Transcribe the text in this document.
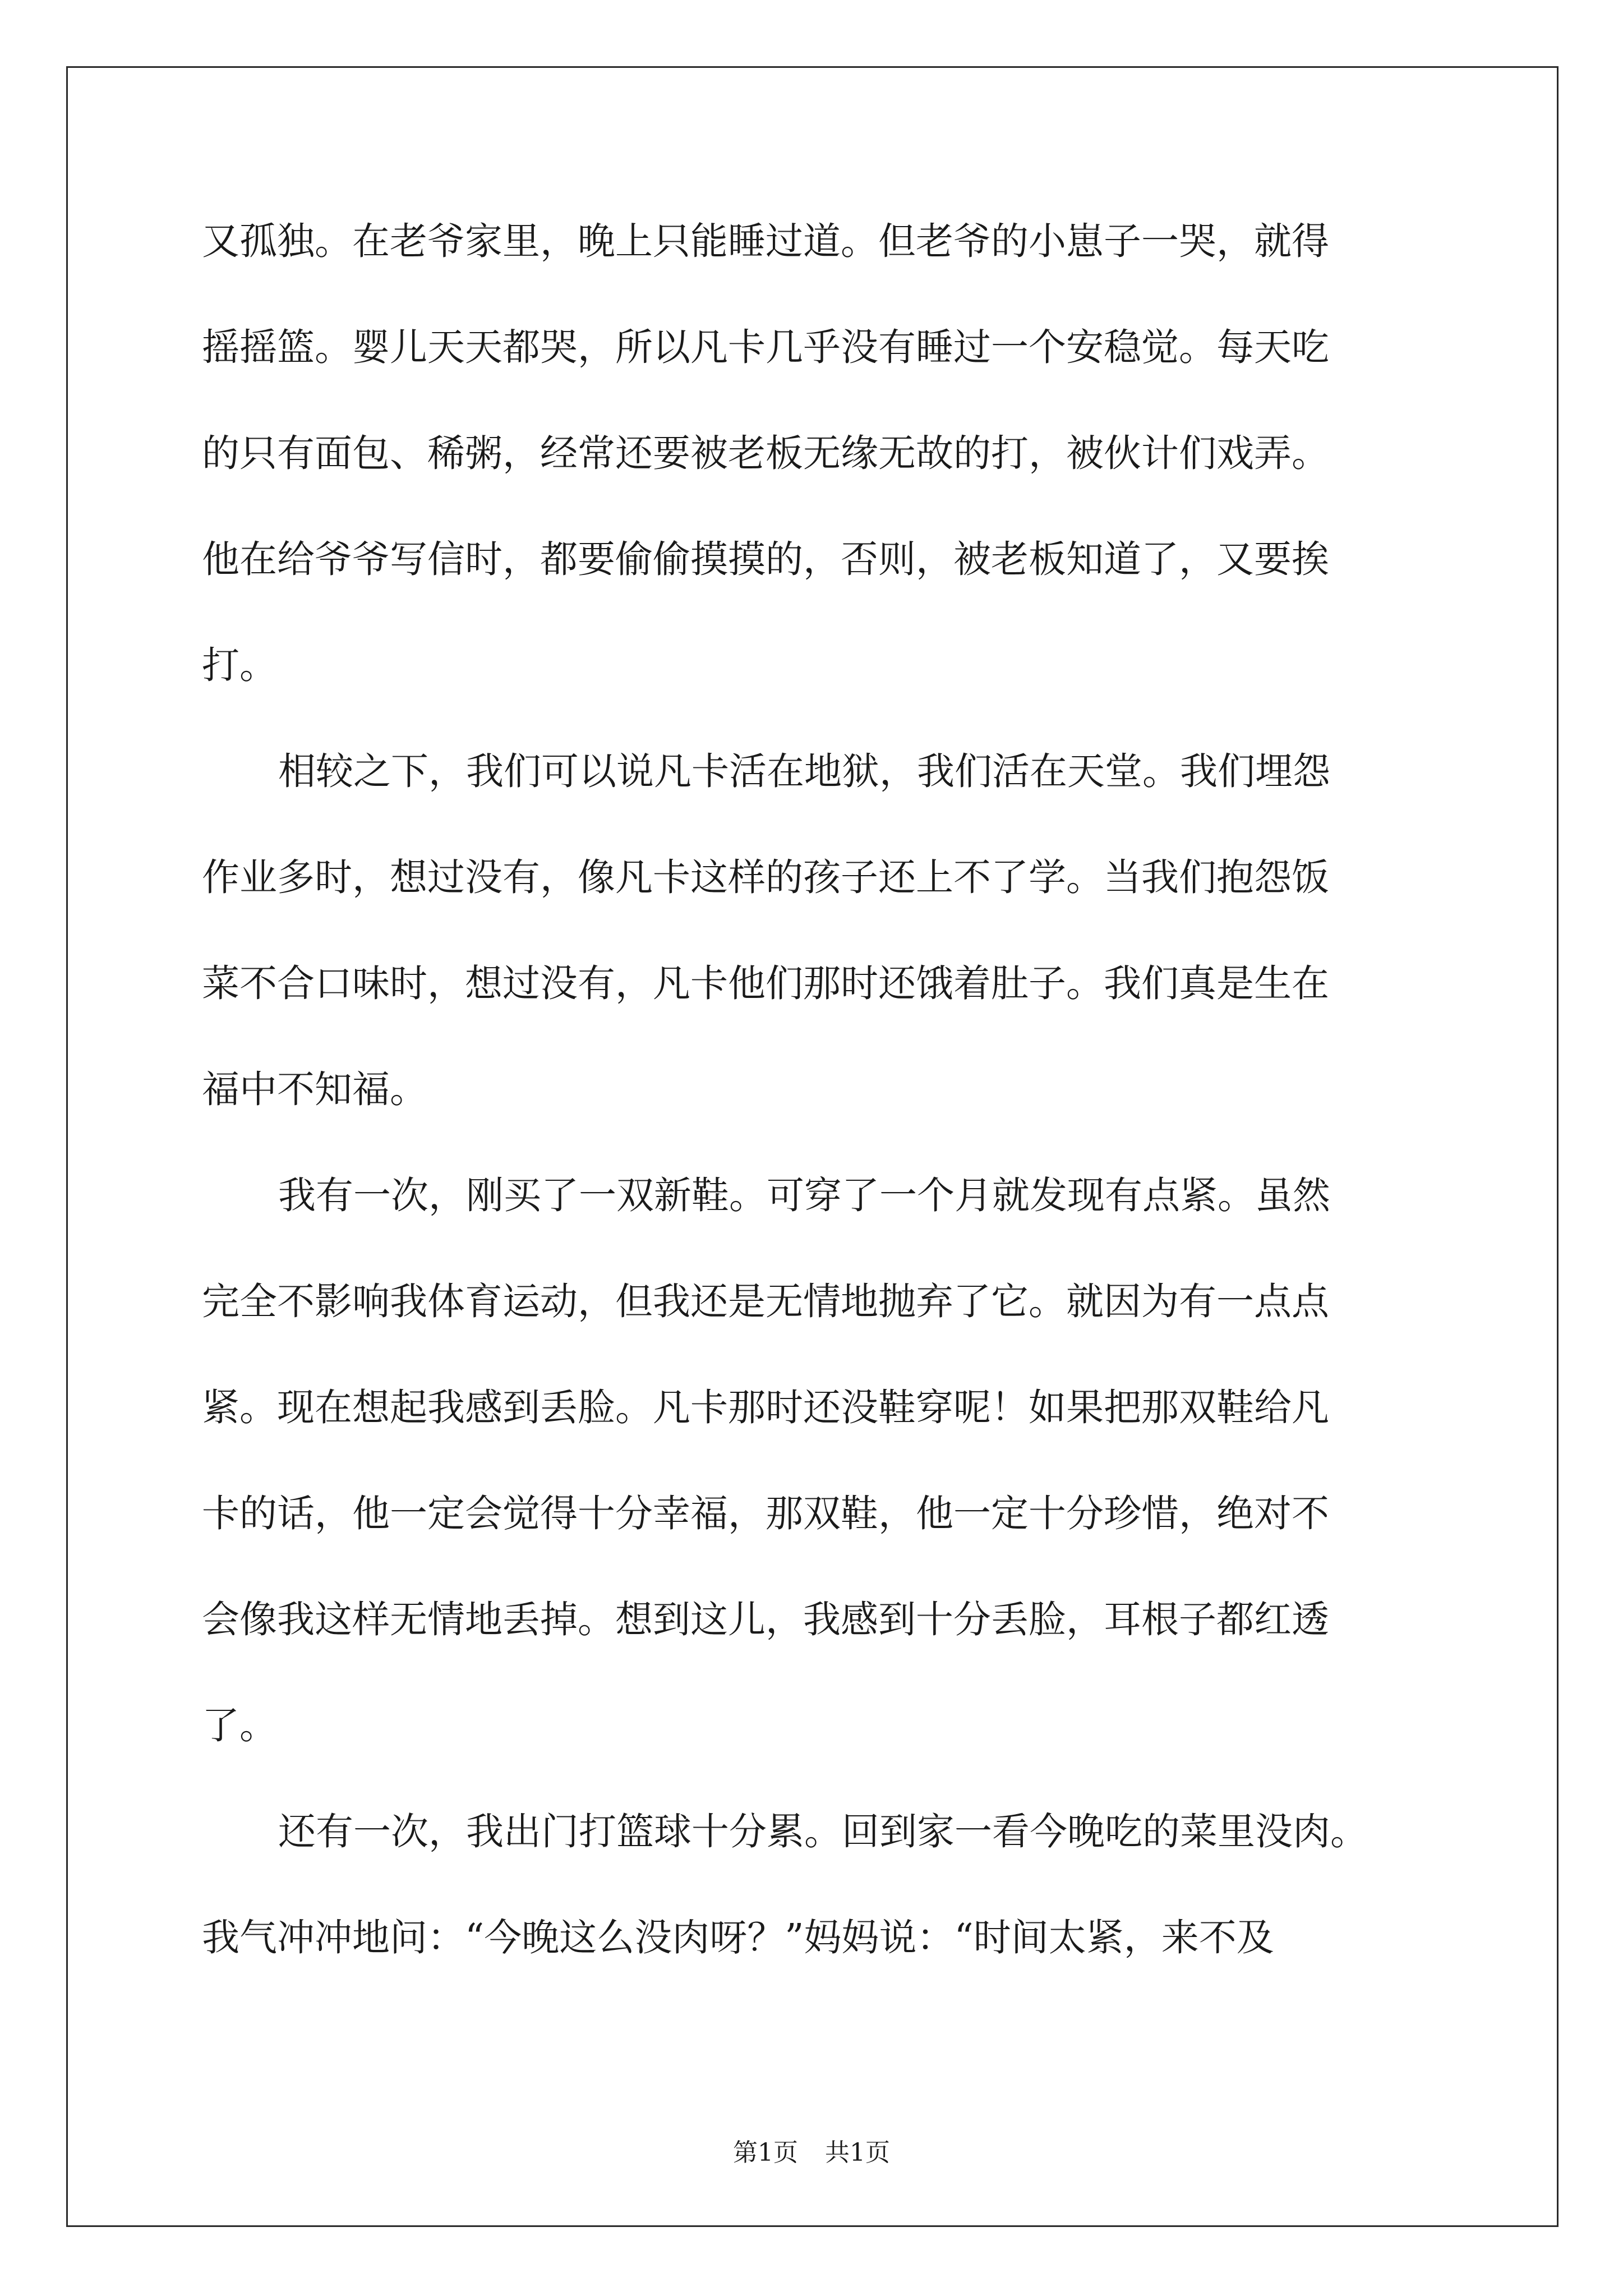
又孤独。在老爷家里，晚上只能睡过道。但老爷的小崽子一哭，就得
摇摇篮。婴儿天天都哭，所以凡卡几乎没有睡过一个安稳觉。每天吃
的只有面包、稀粥，经常还要被老板无缘无故的打，被伙计们戏弄。
他在给爷爷写信时，都要偷偷摸摸的，否则，被老板知道了，又要挨
打。
相较之下，我们可以说凡卡活在地狱，我们活在天堂。我们埋怨
作业多时，想过没有，像凡卡这样的孩子还上不了学。当我们抱怨饭
菜不合口味时，想过没有，凡卡他们那时还饿着肚子。我们真是生在
福中不知福。
我有一次，刚买了一双新鞋。可穿了一个月就发现有点紧。虽然
完全不影响我体育运动，但我还是无情地抛弃了它。就因为有一点点
紧。现在想起我感到丢脸。凡卡那时还没鞋穿呢！如果把那双鞋给凡
卡的话，他一定会觉得十分幸福，那双鞋，他一定十分珍惜，绝对不
会像我这样无情地丢掉。想到这儿，我感到十分丢脸，耳根子都红透
了。
还有一次，我出门打篮球十分累。回到家一看今晚吃的菜里没肉。
我气冲冲地问：“今晚这么没肉呀？”妈妈说：“时间太紧，来不及
第1页 共1页
